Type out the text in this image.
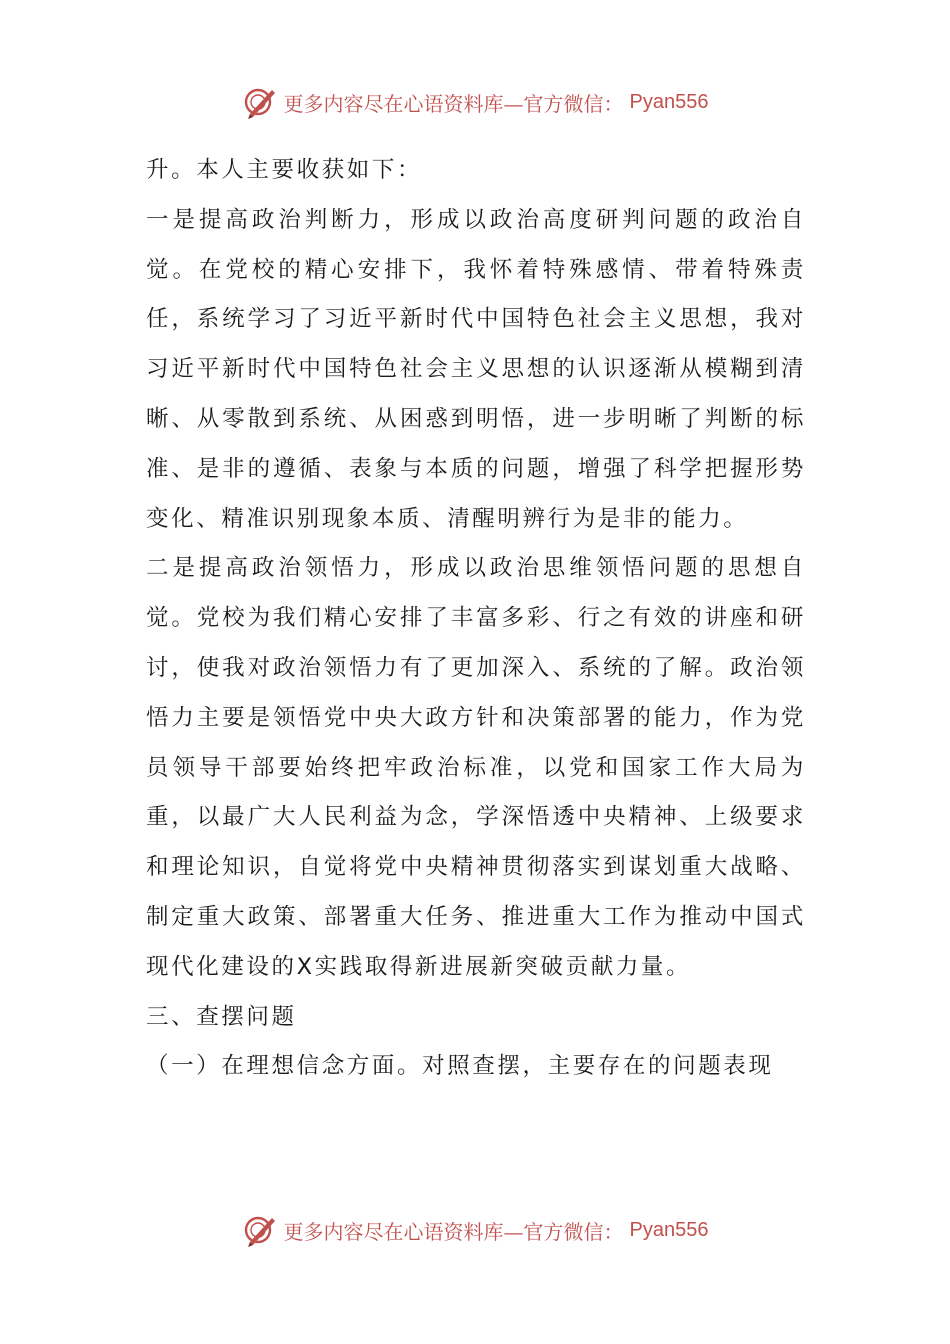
更多内容尽在心语资料库—官方微信： Pyan556

升。本人主要收获如下：

一是提高政治判断力，形成以政治高度研判问题的政治自觉。在党校的精心安排下，我怀着特殊感情、带着特殊责任，系统学习了习近平新时代中国特色社会主义思想，我对习近平新时代中国特色社会主义思想的认识逐渐从模糊到清晰、从零散到系统、从困惑到明悟，进一步明晰了判断的标准、是非的遵循、表象与本质的问题，增强了科学把握形势变化、精准识别现象本质、清醒明辨行为是非的能力。

二是提高政治领悟力，形成以政治思维领悟问题的思想自觉。党校为我们精心安排了丰富多彩、行之有效的讲座和研讨，使我对政治领悟力有了更加深入、系统的了解。政治领悟力主要是领悟党中央大政方针和决策部署的能力，作为党员领导干部要始终把牢政治标准，以党和国家工作大局为重，以最广大人民利益为念，学深悟透中央精神、上级要求和理论知识，自觉将党中央精神贯彻落实到谋划重大战略、制定重大政策、部署重大任务、推进重大工作为推动中国式现代化建设的X实践取得新进展新突破贡献力量。

三、查摆问题

（一）在理想信念方面。对照查摆，主要存在的问题表现

更多内容尽在心语资料库—官方微信： Pyan556
